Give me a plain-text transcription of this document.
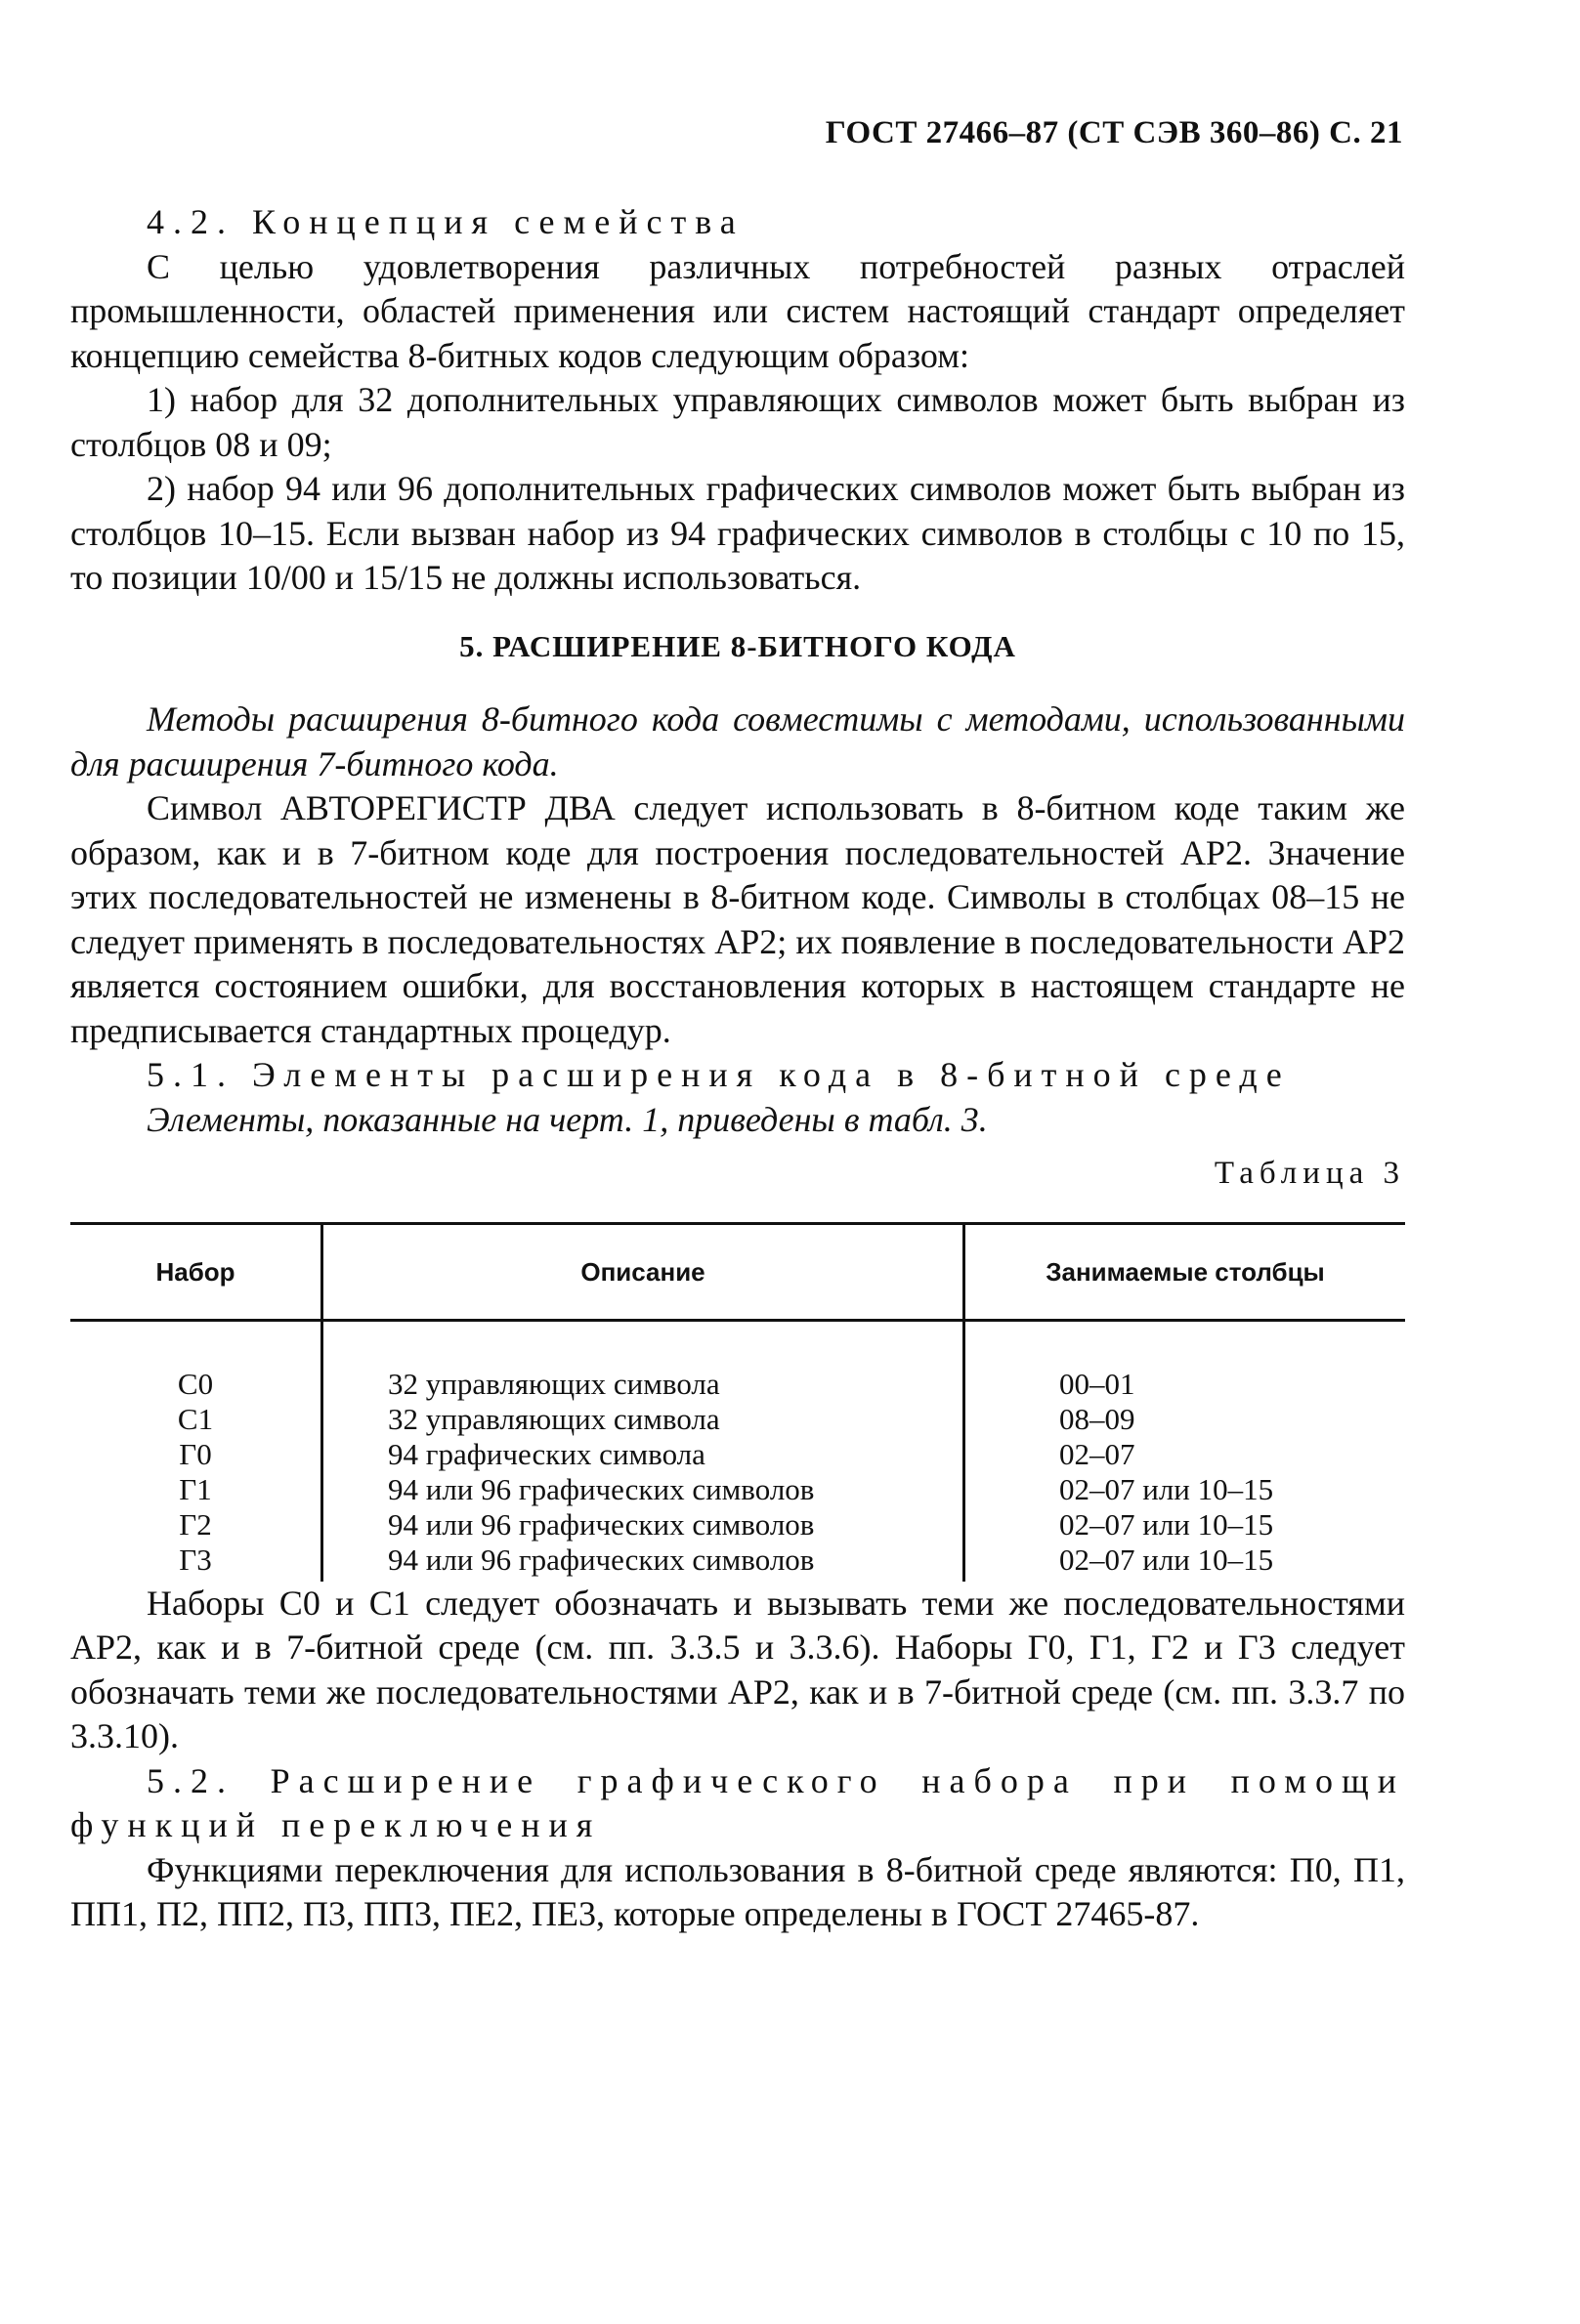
ГОСТ 27466–87 (СТ СЭВ 360–86) С. 21

4.2. Концепция семейства

С целью удовлетворения различных потребностей разных отраслей промышленности, областей применения или систем настоящий стандарт определяет концепцию семейства 8-битных кодов следующим образом:

1) набор для 32 дополнительных управляющих символов может быть выбран из столбцов 08 и 09;

2) набор 94 или 96 дополнительных графических символов может быть выбран из столбцов 10–15. Если вызван набор из 94 графических символов в столбцы с 10 по 15, то позиции 10/00 и 15/15 не должны использоваться.

5. РАСШИРЕНИЕ 8-БИТНОГО КОДА

Методы расширения 8-битного кода совместимы с методами, использованными для расширения 7-битного кода.

Символ АВТОРЕГИСТР ДВА следует использовать в 8-битном коде таким же образом, как и в 7-битном коде для построения последовательностей АР2. Значение этих последовательностей не изменены в 8-битном коде. Символы в столбцах 08–15 не следует применять в последовательностях АР2; их появление в последовательности АР2 является состоянием ошибки, для восстановления которых в настоящем стандарте не предписывается стандартных процедур.

5.1. Элементы расширения кода в 8-битной среде

Элементы, показанные на черт. 1, приведены в табл. 3.

Таблица 3
Набор	Описание	Занимаемые столбцы
С0	32 управляющих символа	00–01
С1	32 управляющих символа	08–09
Г0	94 графических символа	02–07
Г1	94 или 96 графических символов	02–07 или 10–15
Г2	94 или 96 графических символов	02–07 или 10–15
Г3	94 или 96 графических символов	02–07 или 10–15

Наборы С0 и С1 следует обозначать и вызывать теми же последовательностями АР2, как и в 7-битной среде (см. пп. 3.3.5 и 3.3.6). Наборы Г0, Г1, Г2 и Г3 следует обозначать теми же последовательностями АР2, как и в 7-битной среде (см. пп. 3.3.7 по 3.3.10).

5.2. Расширение графического набора при помощи функций переключения

Функциями переключения для использования в 8-битной среде являются: П0, П1, ПП1, П2, ПП2, П3, ПП3, ПЕ2, ПЕ3, которые определены в ГОСТ 27465-87.
